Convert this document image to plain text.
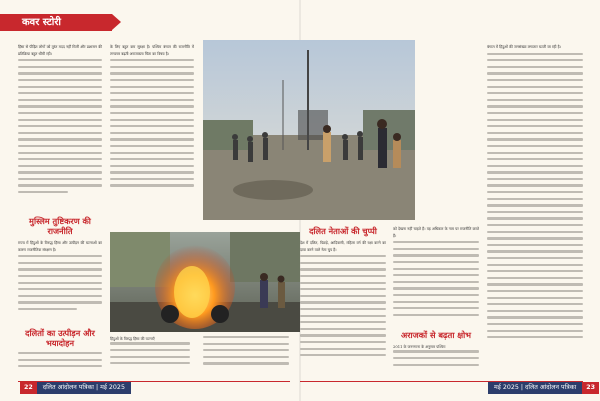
कवर स्टोरी

हिंसा से पीड़ित लोगों को तुरंत मदद नहीं मिली और प्रशासन की प्रतिक्रिया बहुत धीमी रही।

मुस्लिम तुष्टिकरण की राजनीति

राज्य में हिंदुओं के विरुद्ध हिंसा और उत्पीड़न की घटनाओं का कारण राजनीतिक संरक्षण है।

दलितों का उत्पीड़न और भयादोहन

के लिए बहुत कम सुरक्षा है। पश्चिम बंगाल की राजनीति में लगातार बढ़ती अराजकता चिंता का विषय है।

हिंदुओं के विरुद्ध हिंसा की घटनाएँ
22 दलित आंदोलन पत्रिका | मई 2025
दलित नेताओं की चुप्पी

देश में दलित, पिछड़े, आदिवासी, महिला वर्ग की रक्षा करने का दावा करने वाले नेता चुप हैं।

को देखना नहीं चाहते हैं। वह अधिकार के नाम पर राजनीति करते हैं।

अराजकों से बढ़ता क्षोभ
2011 के जनगणना के अनुसार पश्चिम

बंगाल में हिंदुओं की जनसंख्या लगातार घटती जा रही है।

मई 2025 | दलित आंदोलन पत्रिका 23
